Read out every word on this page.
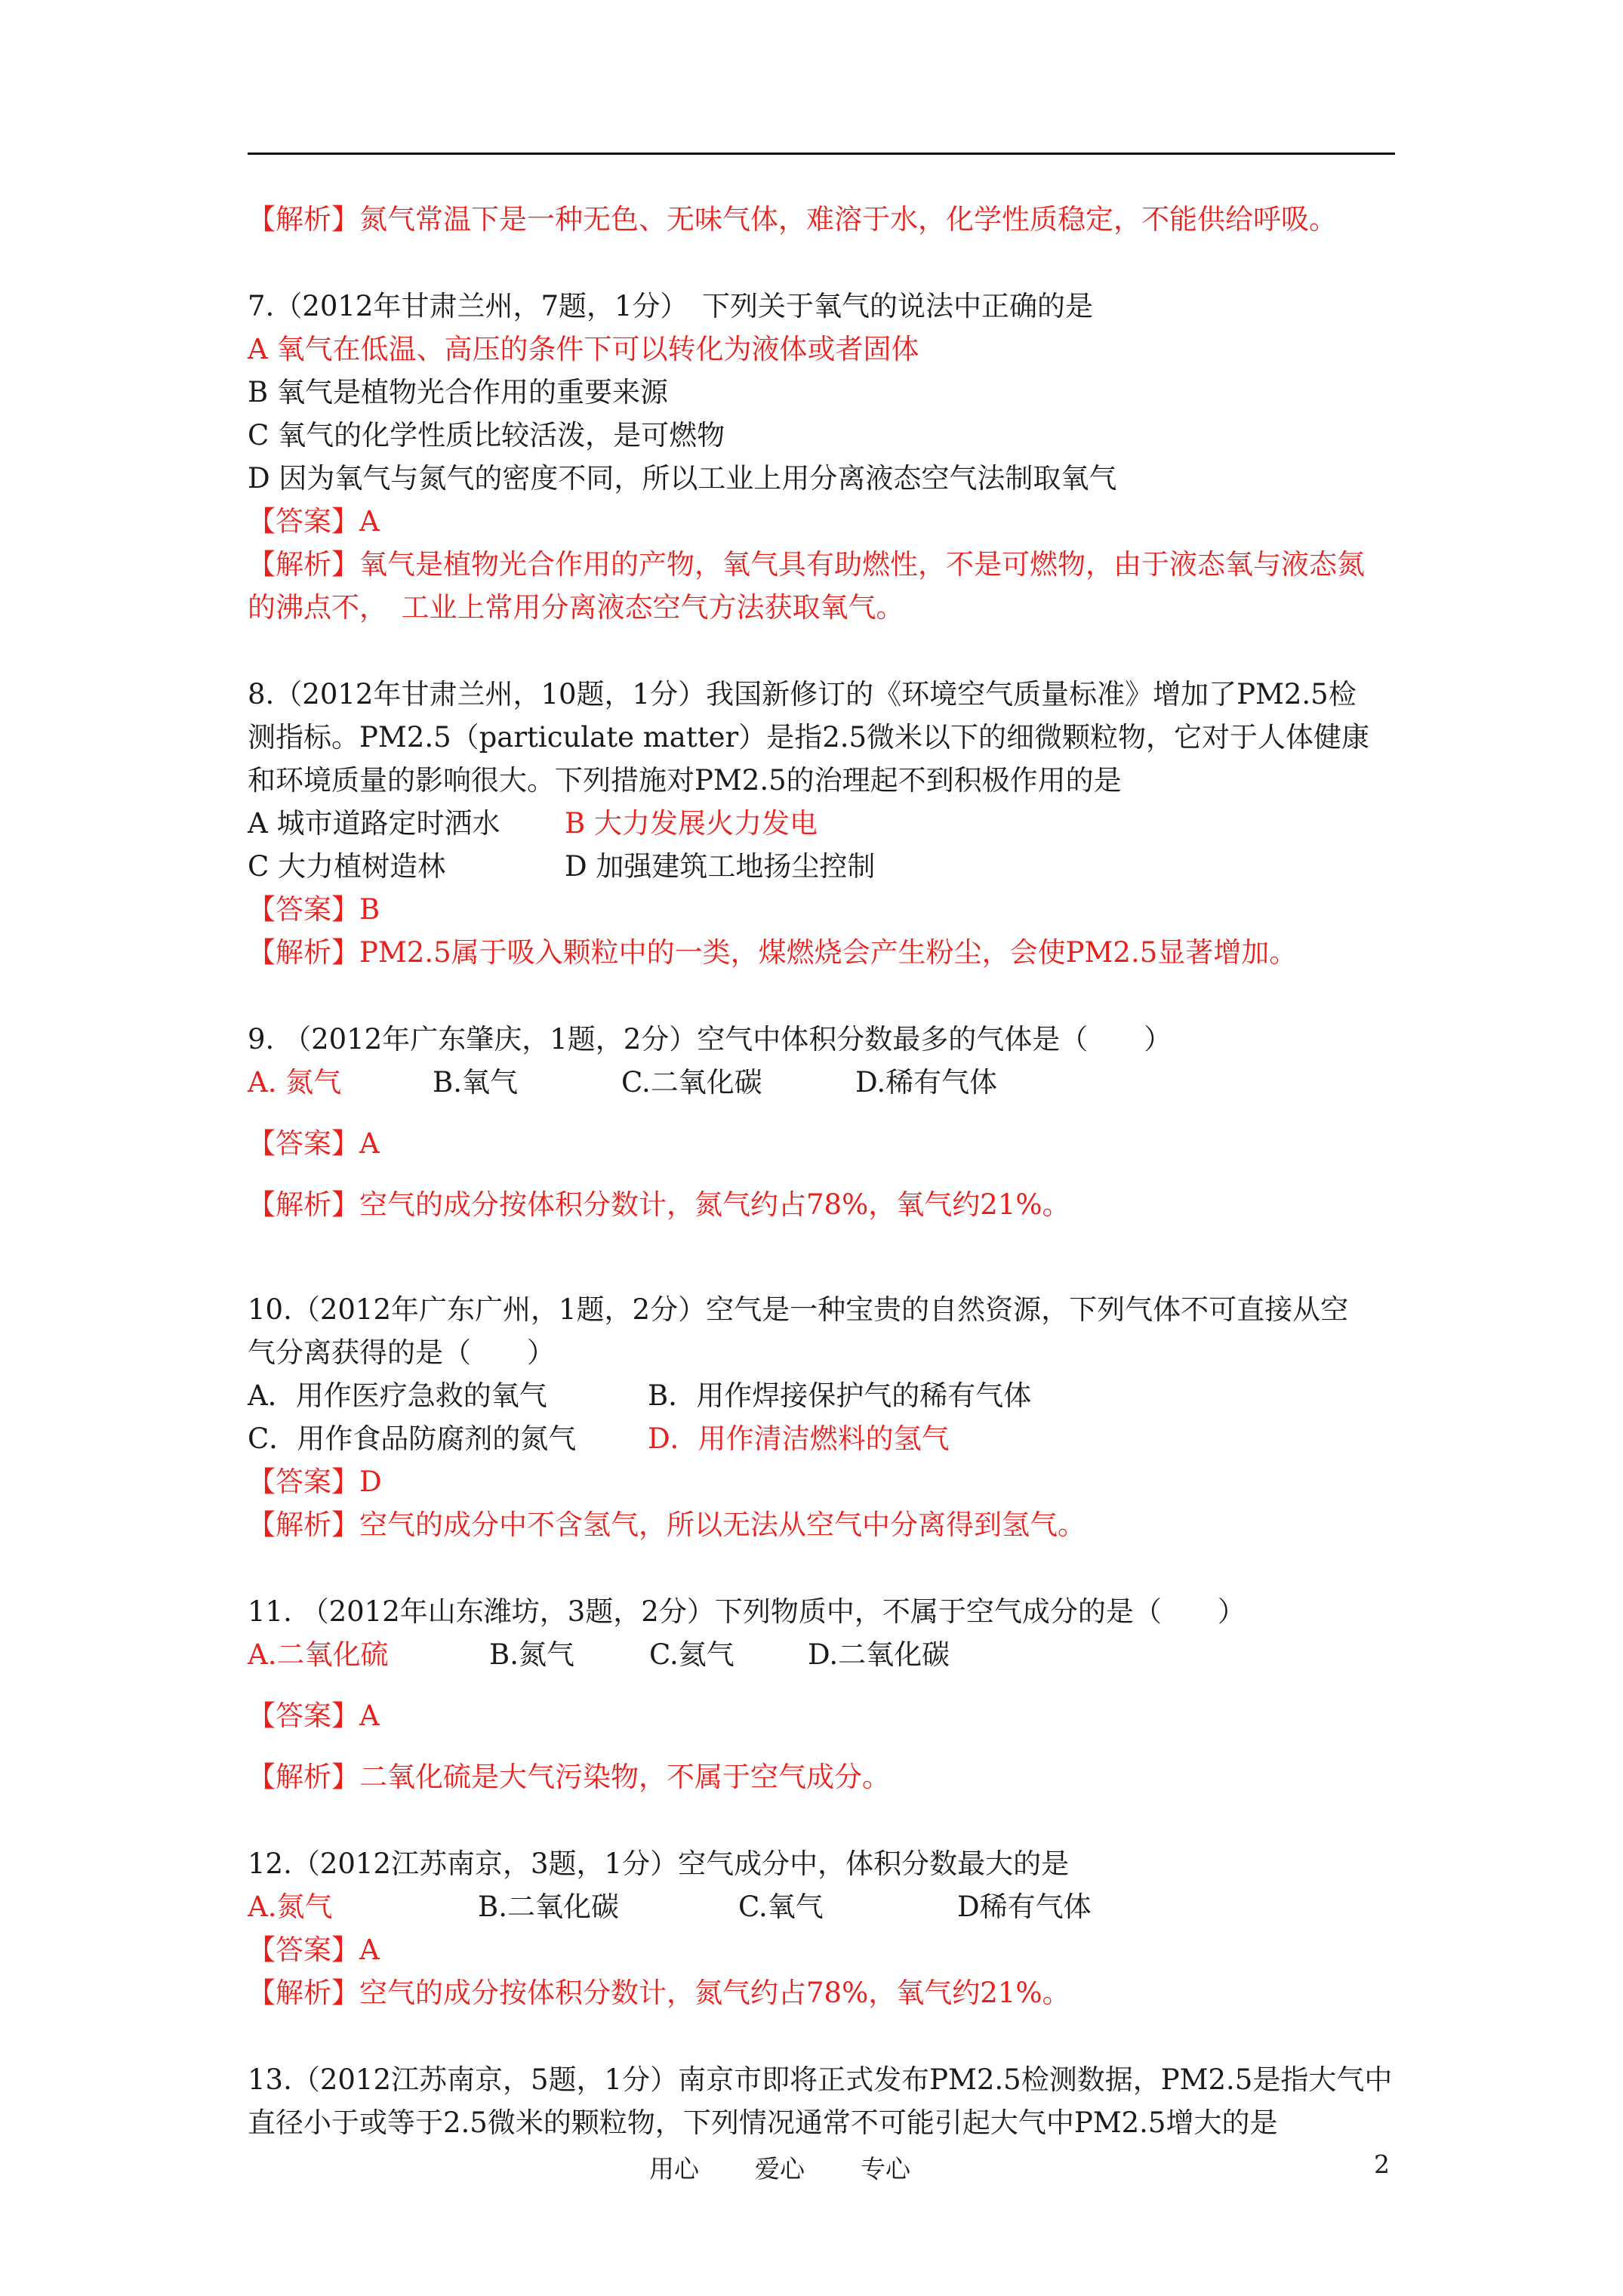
【解析】氮气常温下是一种无色、无味气体，难溶于水，化学性质稳定，不能供给呼吸。
7.（2012年甘肃兰州，7题，1分）　下列关于氧气的说法中正确的是
A 氧气在低温、高压的条件下可以转化为液体或者固体
B 氧气是植物光合作用的重要来源
C 氧气的化学性质比较活泼，是可燃物
D 因为氧气与氮气的密度不同，所以工业上用分离液态空气法制取氧气
【答案】A
【解析】氧气是植物光合作用的产物，氧气具有助燃性，不是可燃物，由于液态氧与液态氮
的沸点不，　工业上常用分离液态空气方法获取氧气。
8.（2012年甘肃兰州，10题，1分）我国新修订的《环境空气质量标准》增加了PM2.5检
测指标。PM2.5（particulate matter）是指2.5微米以下的细微颗粒物，它对于人体健康
和环境质量的影响很大。下列措施对PM2.5的治理起不到积极作用的是
A 城市道路定时洒水 B 大力发展火力发电
C 大力植树造林	D 加强建筑工地扬尘控制
【答案】B
【解析】PM2.5属于吸入颗粒中的一类，煤燃烧会产生粉尘，会使PM2.5显著增加。
9. （2012年广东肇庆，1题，2分）空气中体积分数最多的气体是（　　）
A. 氮气	B.氧气	C.二氧化碳	D.稀有气体
【答案】A
【解析】空气的成分按体积分数计，氮气约占78%，氧气约21%。
10.（2012年广东广州，1题，2分）空气是一种宝贵的自然资源，下列气体不可直接从空
气分离获得的是（　　）
A．用作医疗急救的氧气	B．用作焊接保护气的稀有气体
C．用作食品防腐剂的氮气	D．用作清洁燃料的氢气
【答案】D
【解析】空气的成分中不含氢气，所以无法从空气中分离得到氢气。
11. （2012年山东潍坊，3题，2分）下列物质中，不属于空气成分的是（　　）
A.二氧化硫	B.氮气	C.氦气	D.二氧化碳
【答案】A
【解析】二氧化硫是大气污染物，不属于空气成分。
12.（2012江苏南京，3题，1分）空气成分中，体积分数最大的是
A.氮气	B.二氧化碳	C.氧气	D稀有气体
【答案】A
【解析】空气的成分按体积分数计，氮气约占78%，氧气约21%。
13.（2012江苏南京，5题，1分）南京市即将正式发布PM2.5检测数据，PM2.5是指大气中
直径小于或等于2.5微米的颗粒物，下列情况通常不可能引起大气中PM2.5增大的是
用心 爱心 专心	2
